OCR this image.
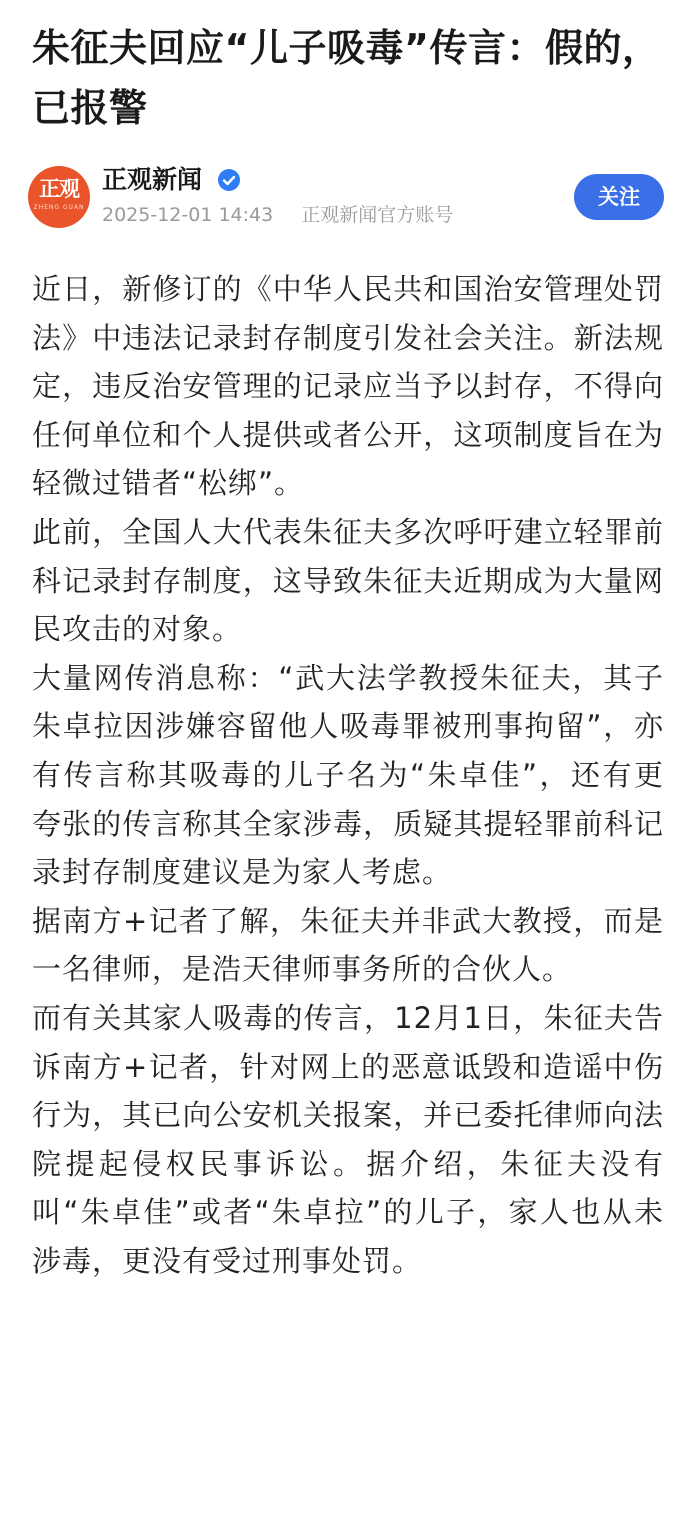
朱征夫回应“儿子吸毒”传言：假的，已报警
正观
ZHENG GUAN
正观新闻
2025-12-01 14:43 正观新闻官方账号
关注

近日，新修订的《中华人民共和国治安管理处罚法》中违法记录封存制度引发社会关注。新法规定，违反治安管理的记录应当予以封存，不得向任何单位和个人提供或者公开，这项制度旨在为轻微过错者“松绑”。

此前，全国人大代表朱征夫多次呼吁建立轻罪前科记录封存制度，这导致朱征夫近期成为大量网民攻击的对象。

大量网传消息称：“武大法学教授朱征夫，其子朱卓拉因涉嫌容留他人吸毒罪被刑事拘留”，亦有传言称其吸毒的儿子名为“朱卓佳”，还有更夸张的传言称其全家涉毒，质疑其提轻罪前科记录封存制度建议是为家人考虑。

据南方+记者了解，朱征夫并非武大教授，而是一名律师，是浩天律师事务所的合伙人。

而有关其家人吸毒的传言，12月1日，朱征夫告诉南方+记者，针对网上的恶意诋毁和造谣中伤行为，其已向公安机关报案，并已委托律师向法院提起侵权民事诉讼。据介绍，朱征夫没有叫“朱卓佳”或者“朱卓拉”的儿子，家人也从未涉毒，更没有受过刑事处罚。
